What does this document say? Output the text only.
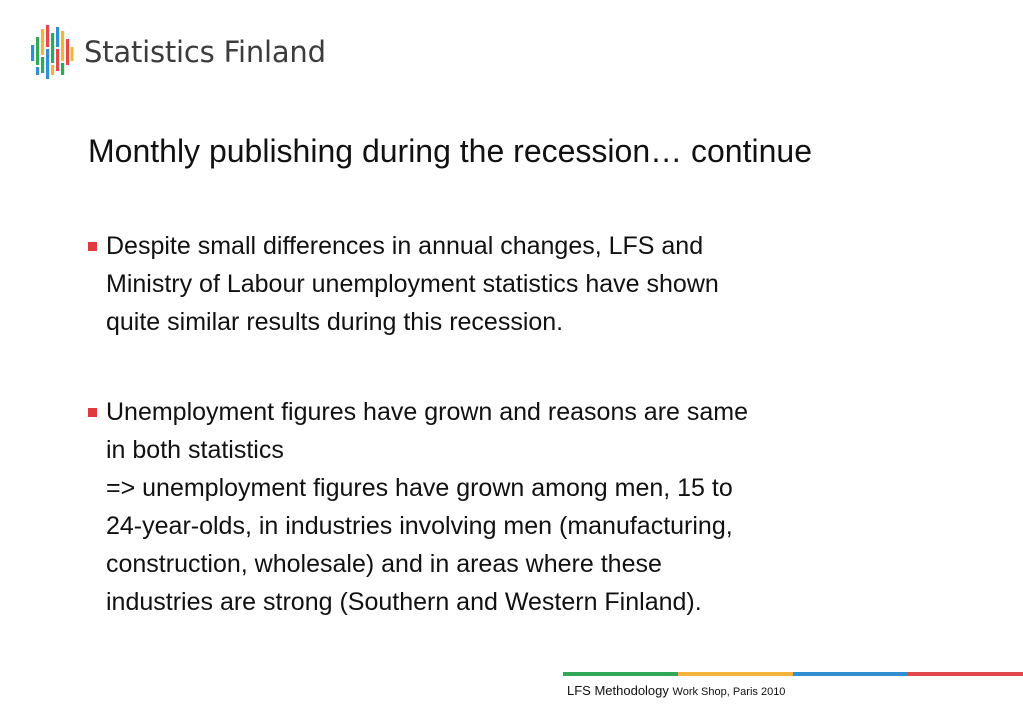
Statistics Finland
Monthly publishing during the recession… continue
Despite small differences in annual changes, LFS and
Ministry of Labour unemployment statistics have shown
quite similar results during this recession.
Unemployment figures have grown and reasons are same
in both statistics
=> unemployment figures have grown among men, 15 to
24-year-olds, in industries involving men (manufacturing,
construction, wholesale) and in areas where these
industries are strong (Southern and Western Finland).
LFS Methodology Work Shop, Paris 2010
